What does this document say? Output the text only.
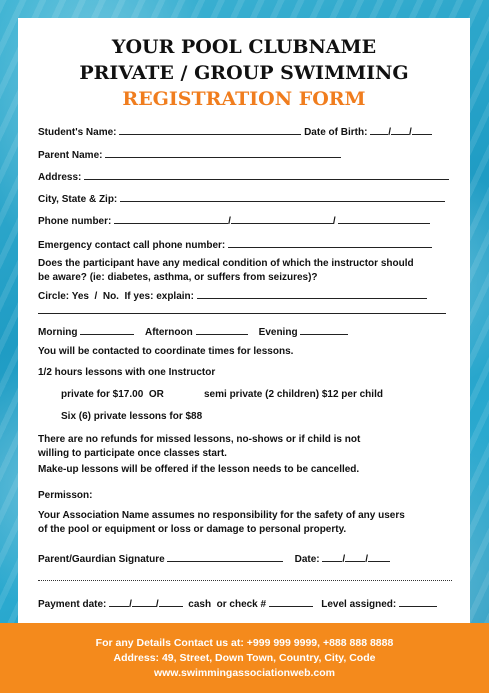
YOUR POOL CLUBNAME
PRIVATE / GROUP SWIMMING
REGISTRATION FORM
Student's Name:	Date of Birth: / /
Parent Name:
Address:
City, State & Zip:
Phone number:	/	/
Emergency contact call phone number:
Does the participant have any medical condition of which the instructor should
be aware? (ie: diabetes, asthma, or suffers from seizures)?
Circle: Yes  /  No.  If yes: explain:
Morning	Afternoon	Evening
You will be contacted to coordinate times for lessons.
1/2 hours lessons with one Instructor
private for $17.00  OR	semi private (2 children) $12 per child
Six (6) private lessons for $88
There are no refunds for missed lessons, no-shows or if child is not
willing to participate once classes start.
Make-up lessons will be offered if the lesson needs to be cancelled.
Permisson:
Your Association Name assumes no responsibility for the safety of any users
of the pool or equipment or loss or damage to personal property.
Parent/Gaurdian Signature	Date: / /
Payment date: / /	cash  or check #	Level assigned:
For any Details Contact us at: +999 999 9999, +888 888 8888
Address: 49, Street, Down Town, Country, City, Code
www.swimmingassociationweb.com
